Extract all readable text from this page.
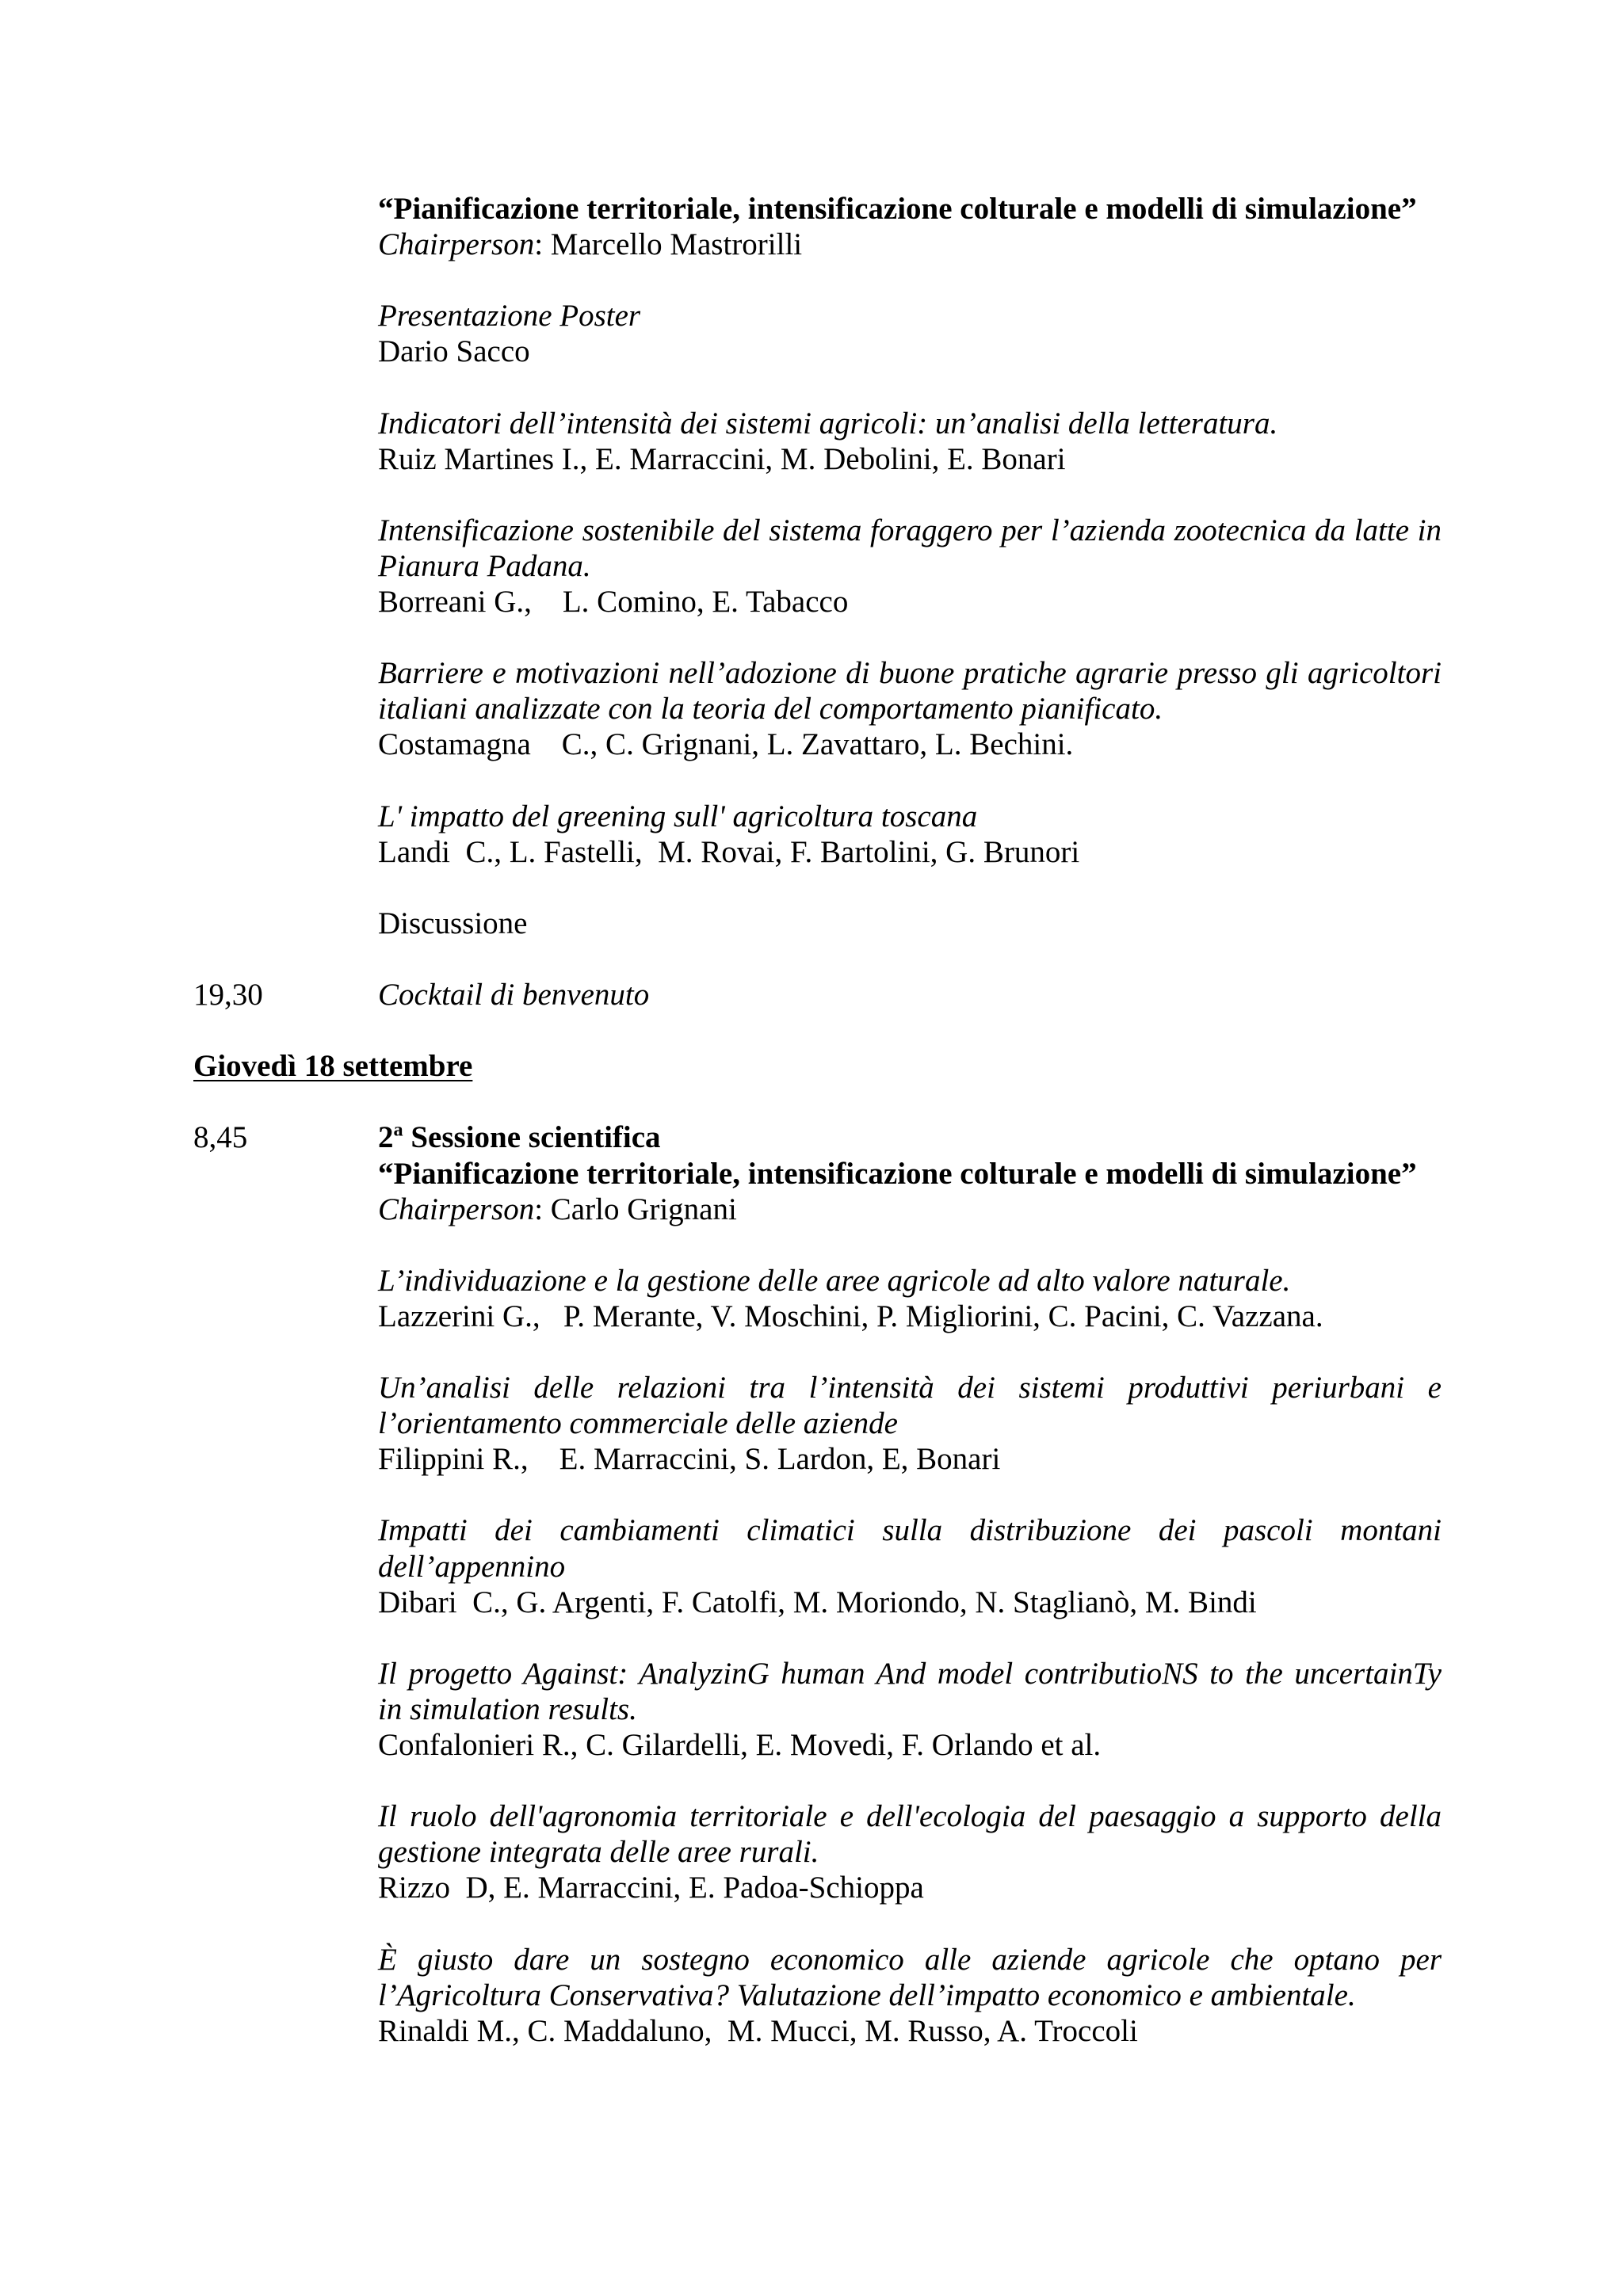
“Pianificazione territoriale, intensificazione colturale e modelli di simulazione”
Chairperson: Marcello Mastrorilli
Presentazione Poster
Dario Sacco
Indicatori dell’intensità dei sistemi agricoli: un’analisi della letteratura.
Ruiz Martines I., E. Marraccini, M. Debolini, E. Bonari
Intensificazione sostenibile del sistema foraggero per l’azienda zootecnica da latte in
Pianura Padana.
Borreani G.,    L. Comino, E. Tabacco
Barriere e motivazioni nell’adozione di buone pratiche agrarie presso gli agricoltori
italiani analizzate con la teoria del comportamento pianificato.
Costamagna    C., C. Grignani, L. Zavattaro, L. Bechini.
L' impatto del greening sull' agricoltura toscana
Landi  C., L. Fastelli,  M. Rovai, F. Bartolini, G. Brunori
Discussione
19,30	Cocktail di benvenuto
Giovedì 18 settembre
8,45	2$^a$ Sessione scientifica
“Pianificazione territoriale, intensificazione colturale e modelli di simulazione”
Chairperson: Carlo Grignani
L’individuazione e la gestione delle aree agricole ad alto valore naturale.
Lazzerini G.,   P. Merante, V. Moschini, P. Migliorini, C. Pacini, C. Vazzana.
Un’analisi delle relazioni tra l’intensità dei sistemi produttivi periurbani e
l’orientamento commerciale delle aziende
Filippini R.,    E. Marraccini, S. Lardon, E, Bonari
Impatti dei cambiamenti climatici sulla distribuzione dei pascoli montani
dell’appennino
Dibari  C., G. Argenti, F. Catolfi, M. Moriondo, N. Staglianò, M. Bindi
Il progetto Against: AnalyzinG human And model contributioNS to the uncertainTy
in simulation results.
Confalonieri R., C. Gilardelli, E. Movedi, F. Orlando et al.
Il ruolo dell'agronomia territoriale e dell'ecologia del paesaggio a supporto della
gestione integrata delle aree rurali.
Rizzo  D, E. Marraccini, E. Padoa-Schioppa
È giusto dare un sostegno economico alle aziende agricole che optano per
l’Agricoltura Conservativa? Valutazione dell’impatto economico e ambientale.
Rinaldi M., C. Maddaluno,  M. Mucci, M. Russo, A. Troccoli
